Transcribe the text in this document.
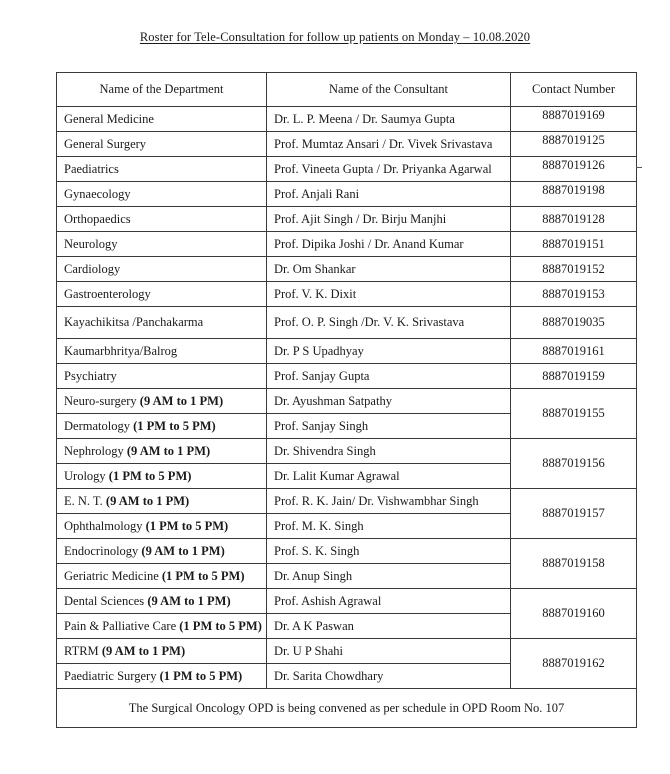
Roster for Tele-Consultation for follow up patients on Monday – 10.08.2020
Name of the Department	Name of the Consultant	Contact Number
General Medicine	Dr. L. P. Meena / Dr. Saumya Gupta	8887019169
General Surgery	Prof. Mumtaz Ansari / Dr. Vivek Srivastava	8887019125
Paediatrics	Prof. Vineeta Gupta / Dr. Priyanka Agarwal	8887019126
Gynaecology	Prof. Anjali Rani	8887019198
Orthopaedics	Prof. Ajit Singh / Dr. Birju Manjhi	8887019128
Neurology	Prof. Dipika Joshi / Dr. Anand Kumar	8887019151
Cardiology	Dr. Om Shankar	8887019152
Gastroenterology	Prof. V. K. Dixit	8887019153
Kayachikitsa /Panchakarma	Prof. O. P. Singh /Dr. V. K. Srivastava	8887019035
Kaumarbhritya/Balrog	Dr. P S Upadhyay	8887019161
Psychiatry	Prof. Sanjay Gupta	8887019159
Neuro-surgery (9 AM to 1 PM)	Dr. Ayushman Satpathy	8887019155
Dermatology (1 PM to 5 PM)	Prof. Sanjay Singh	
Nephrology (9 AM to 1 PM)	Dr. Shivendra Singh	8887019156
Urology (1 PM to 5 PM)	Dr. Lalit Kumar Agrawal	
E. N. T. (9 AM to 1 PM)	Prof. R. K. Jain/ Dr. Vishwambhar Singh	8887019157
Ophthalmology (1 PM to 5 PM)	Prof. M. K. Singh	
Endocrinology (9 AM to 1 PM)	Prof. S. K. Singh	8887019158
Geriatric Medicine (1 PM to 5 PM)	Dr. Anup Singh	
Dental Sciences (9 AM to 1 PM)	Prof. Ashish Agrawal	8887019160
Pain & Palliative Care (1 PM to 5 PM)	Dr. A K Paswan	
RTRM (9 AM to 1 PM)	Dr. U P Shahi	8887019162
Paediatric Surgery (1 PM to 5 PM)	Dr. Sarita Chowdhary	
The Surgical Oncology OPD is being convened as per schedule in OPD Room No. 107		
